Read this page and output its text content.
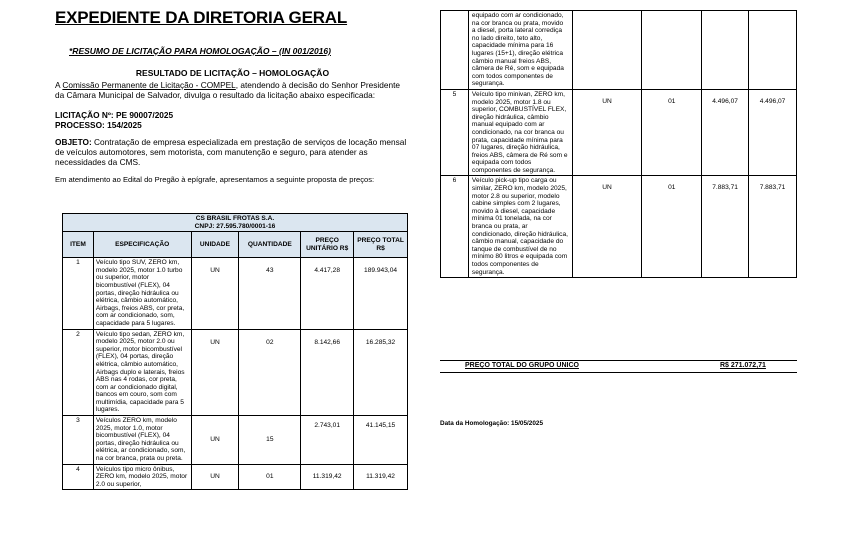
EXPEDIENTE DA DIRETORIA GERAL
*RESUMO DE LICITAÇÃO PARA HOMOLOGAÇÃO – (IN 001/2016)
RESULTADO DE LICITAÇÃO – HOMOLOGAÇÃO

A Comissão Permanente de Licitação - COMPEL, atendendo à decisão do Senhor Presidente da Câmara Municipal de Salvador, divulga o resultado da licitação abaixo especificada:

LICITAÇÃO Nº: PE 90007/2025
PROCESSO: 154/2025

OBJETO: Contratação de empresa especializada em prestação de serviços de locação mensal de veículos automotores, sem motorista, com manutenção e seguro, para atender as necessidades da CMS.

Em atendimento ao Edital do Pregão à epígrafe, apresentamos a seguinte proposta de preços:

CS BRASIL FROTAS S.A.
CNPJ: 27.595.780/0001-16					

ITEM	ESPECIFICAÇÃO	UNIDADE	QUANTIDADE	PREÇO UNITÁRIO R$	PREÇO TOTAL R$
1	Veículo tipo SUV, ZERO km, modelo 2025, motor 1.0 turbo ou superior, motor bicombustível (FLEX), 04 portas, direção hidráulica ou elétrica, câmbio automático, Airbags, freios ABS, cor preta, com ar condicionado, som, capacidade para 5 lugares.	UN	43	4.417,28	189.943,04
2	Veículo tipo sedan, ZERO km, modelo 2025, motor 2.0 ou superior, motor bicombustível (FLEX), 04 portas, direção elétrica, câmbio automático, Airbags duplo e laterais, freios ABS nas 4 rodas, cor preta, com ar condicionado digital, bancos em couro, som com multimídia, capacidade para 5 lugares.	UN	02	8.142,66	16.285,32
3	Veículos ZERO km, modelo 2025, motor 1.0, motor bicombustível (FLEX), 04 portas, direção hidráulica ou elétrica, ar condicionado, som, na cor branca, prata ou preta.	UN	15	2.743,01	41.145,15
4	Veículos tipo micro ônibus, ZERO km, modelo 2025, motor 2.0 ou superior,	UN	01	11.319,42	11.319,42
	equipado com ar condicionado, na cor branca ou prata, movido a diesel, porta lateral corrediça no lado direito, teto alto, capacidade mínima para 16 lugares (15+1), direção elétrica câmbio manual freios ABS, câmera de Ré, som e equipada com todos componentes de segurança.				
5	Veículo tipo minivan, ZERO km, modelo 2025, motor 1.8 ou superior, COMBUSTÍVEL FLEX, direção hidráulica, câmbio manual equipado com ar condicionado, na cor branca ou prata, capacidade mínima para 07 lugares, direção hidráulica, freios ABS, câmera de Ré som e equipada com todos componentes de segurança.	UN	01	4.496,07	4.496,07
6	Veículo pick-up tipo carga ou similar, ZERO km, modelo 2025, motor 2.8 ou superior, modelo cabine simples com 2 lugares, movido à diesel, capacidade mínima 01 tonelada, na cor branca ou prata, ar condicionado, direção hidráulica, câmbio manual, capacidade do tanque de combustível de no mínimo 80 litros e equipada com todos componentes de segurança.	UN	01	7.883,71	7.883,71
PREÇO TOTAL DO GRUPO ÚNICO	R$ 271.072,71
Data da Homologação: 15/05/2025
